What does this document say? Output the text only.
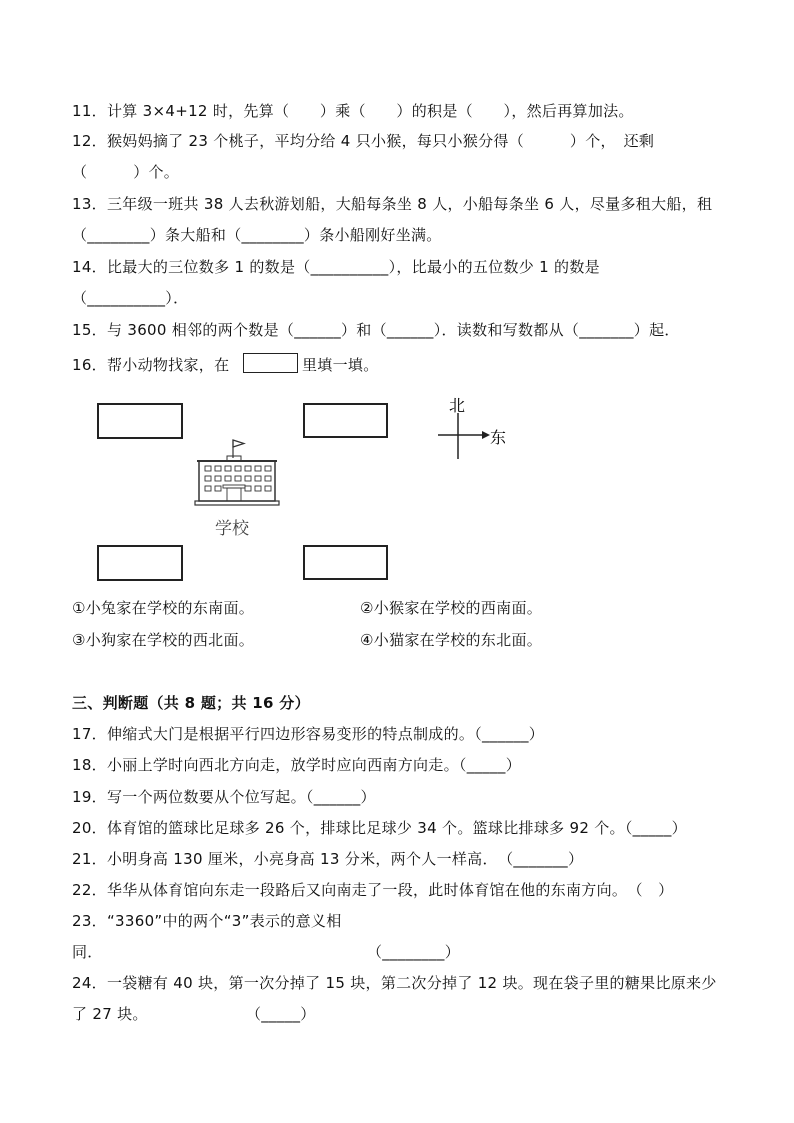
11．计算 3×4+12 时，先算（　　）乘（　　）的积是（　　），然后再算加法。
12．猴妈妈摘了 23 个桃子，平均分给 4 只小猴，每只小猴分得（　　　）个，　还剩
（　　　）个。
13．三年级一班共 38 人去秋游划船，大船每条坐 8 人，小船每条坐 6 人，尽量多租大船，租
（________）条大船和（________）条小船刚好坐满。
14．比最大的三位数多 1 的数是（__________），比最小的五位数少 1 的数是
（__________）．
15．与 3600 相邻的两个数是（______）和（______）．读数和写数都从（_______）起．
16．帮小动物找家，在	里填一填。
北
东
学校
①小兔家在学校的东南面。	②小猴家在学校的西南面。
③小狗家在学校的西北面。	④小猫家在学校的东北面。
三、判断题（共 8 题；共 16 分）
17．伸缩式大门是根据平行四边形容易变形的特点制成的。（______）
18．小丽上学时向西北方向走，放学时应向西南方向走。（_____）
19．写一个两位数要从个位写起。（______）
20．体育馆的篮球比足球多 26 个，排球比足球少 34 个。篮球比排球多 92 个。（_____）
21．小明身高 130 厘米，小亮身高 13 分米，两个人一样高．　（_______）
22．华华从体育馆向东走一段路后又向南走了一段，此时体育馆在他的东南方向。　（　）
23．“3360”中的两个“3”表示的意义相
同．	（________）
24．一袋糖有 40 块，第一次分掉了 15 块，第二次分掉了 12 块。现在袋子里的糖果比原来少
了 27 块。	（_____）
